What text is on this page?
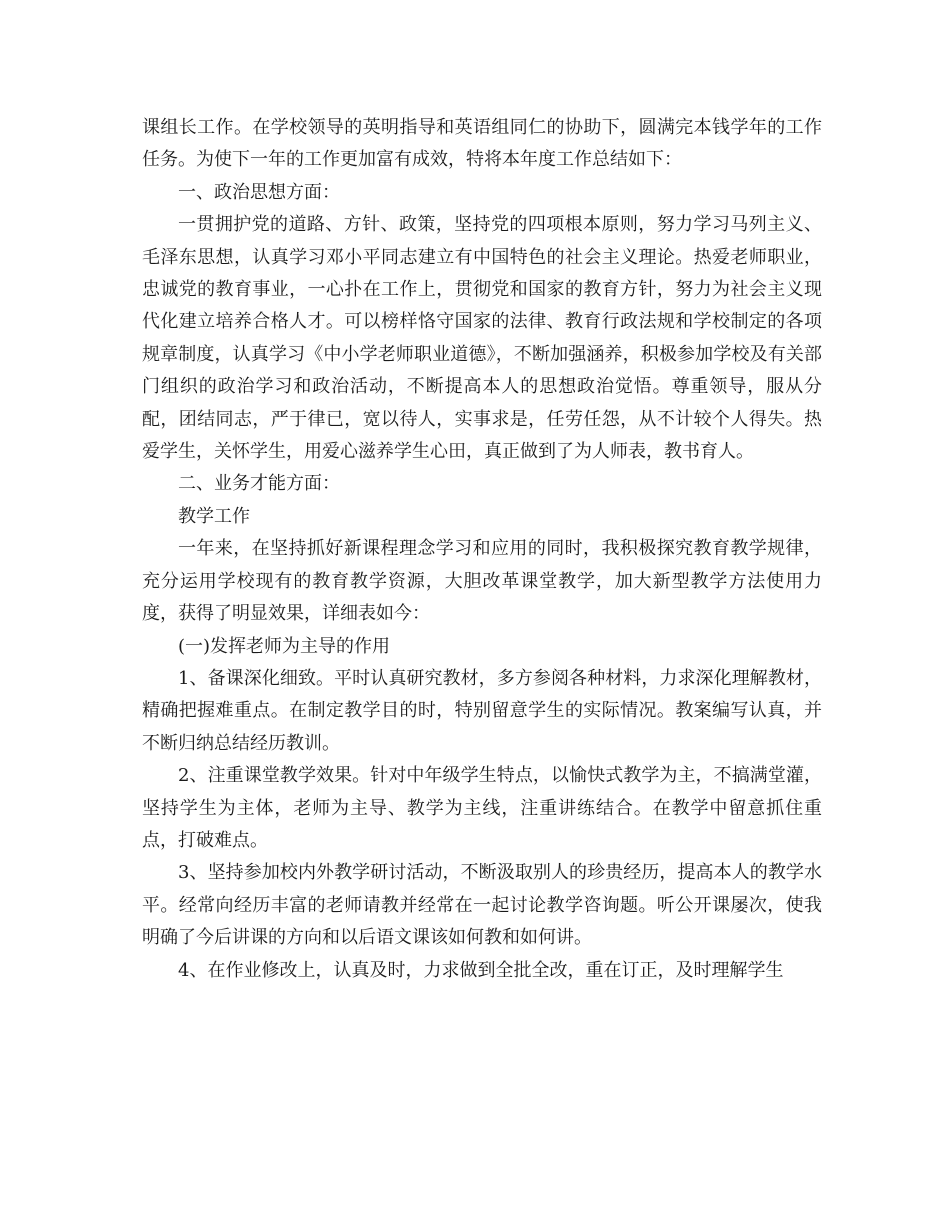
课组长工作。在学校领导的英明指导和英语组同仁的协助下，圆满完本钱学年的工作任务。为使下一年的工作更加富有成效，特将本年度工作总结如下：

一、政治思想方面：

一贯拥护党的道路、方针、政策，坚持党的四项根本原则，努力学习马列主义、毛泽东思想，认真学习邓小平同志建立有中国特色的社会主义理论。热爱老师职业，忠诚党的教育事业，一心扑在工作上，贯彻党和国家的教育方针，努力为社会主义现代化建立培养合格人才。可以榜样恪守国家的法律、教育行政法规和学校制定的各项规章制度，认真学习《中小学老师职业道德》，不断加强涵养，积极参加学校及有关部门组织的政治学习和政治活动，不断提高本人的思想政治觉悟。尊重领导，服从分配，团结同志，严于律已，宽以待人，实事求是，任劳任怨，从不计较个人得失。热爱学生，关怀学生，用爱心滋养学生心田，真正做到了为人师表，教书育人。

二、业务才能方面：

教学工作

一年来，在坚持抓好新课程理念学习和应用的同时，我积极探究教育教学规律，充分运用学校现有的教育教学资源，大胆改革课堂教学，加大新型教学方法使用力度，获得了明显效果，详细表如今：

(一)发挥老师为主导的作用

1、备课深化细致。平时认真研究教材，多方参阅各种材料，力求深化理解教材，精确把握难重点。在制定教学目的时，特别留意学生的实际情况。教案编写认真，并不断归纳总结经历教训。

2、注重课堂教学效果。针对中年级学生特点，以愉快式教学为主，不搞满堂灌，坚持学生为主体，老师为主导、教学为主线，注重讲练结合。在教学中留意抓住重点，打破难点。

3、坚持参加校内外教学研讨活动，不断汲取别人的珍贵经历，提高本人的教学水平。经常向经历丰富的老师请教并经常在一起讨论教学咨询题。听公开课屡次，使我明确了今后讲课的方向和以后语文课该如何教和如何讲。

4、在作业修改上，认真及时，力求做到全批全改，重在订正，及时理解学生
